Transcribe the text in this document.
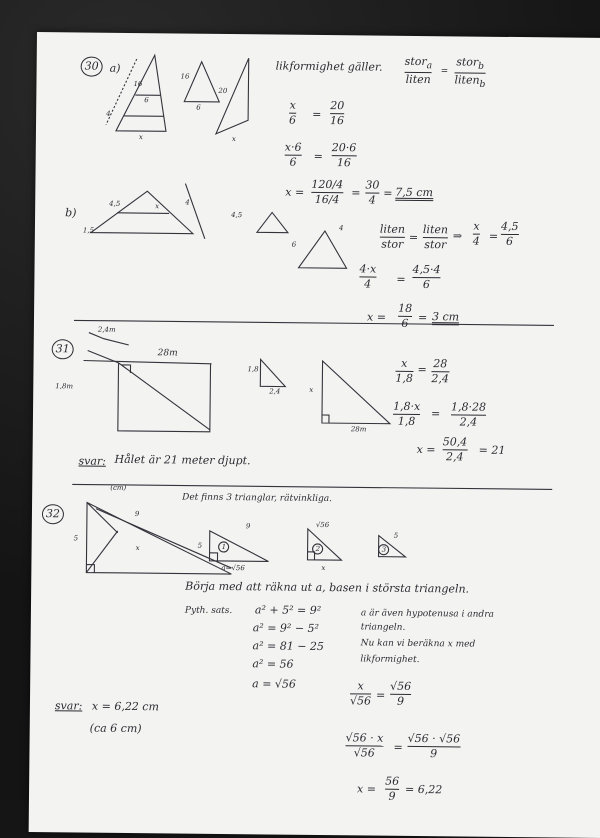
30 a)
16
6
4
x
16
6
20
x
likformighet gäller. stor$_a$
liten
=
stor$_b$
liten$_b$
x
6 =
20
16
x·6
6 =
20·6
16
x =
120/4
16/4 =
30
4 = 7,5 cm
b)
4,5	x	4
1,5
4,5
6
4	liten
stor =
liten
stor
⇒
x
4 =
4,5
6
4·x
4 =
4,5·4
6
x =
18
6 = 3 cm
31
2,4m
28m
1,8m
1,8
2,4	x
28m
x
1,8
= 28
2,4
1,8·x
1,8
= 1,8·28
2,4
x =
50,4
2,4 = 21
svar: Hålet är 21 meter djupt.
32
(cm)
9
5
x
Det finns 3 trianglar, rätvinkliga.
9
5
a=√56
1
√56
x
2
5
3
Börja med att räkna ut a, basen i största triangeln.
Pyth. sats. a² + 5² = 9²
a² = 9² − 5²
a² = 81 − 25
a² = 56
a = √56
a är även hypotenusa i andra
triangeln.
Nu kan vi beräkna x med
likformighet.
x
√56 =
√56
9
√56 · x
√56 =
√56 · √56
9
x =
56
9 = 6,22
svar: x = 6,22 cm
(ca 6 cm)
